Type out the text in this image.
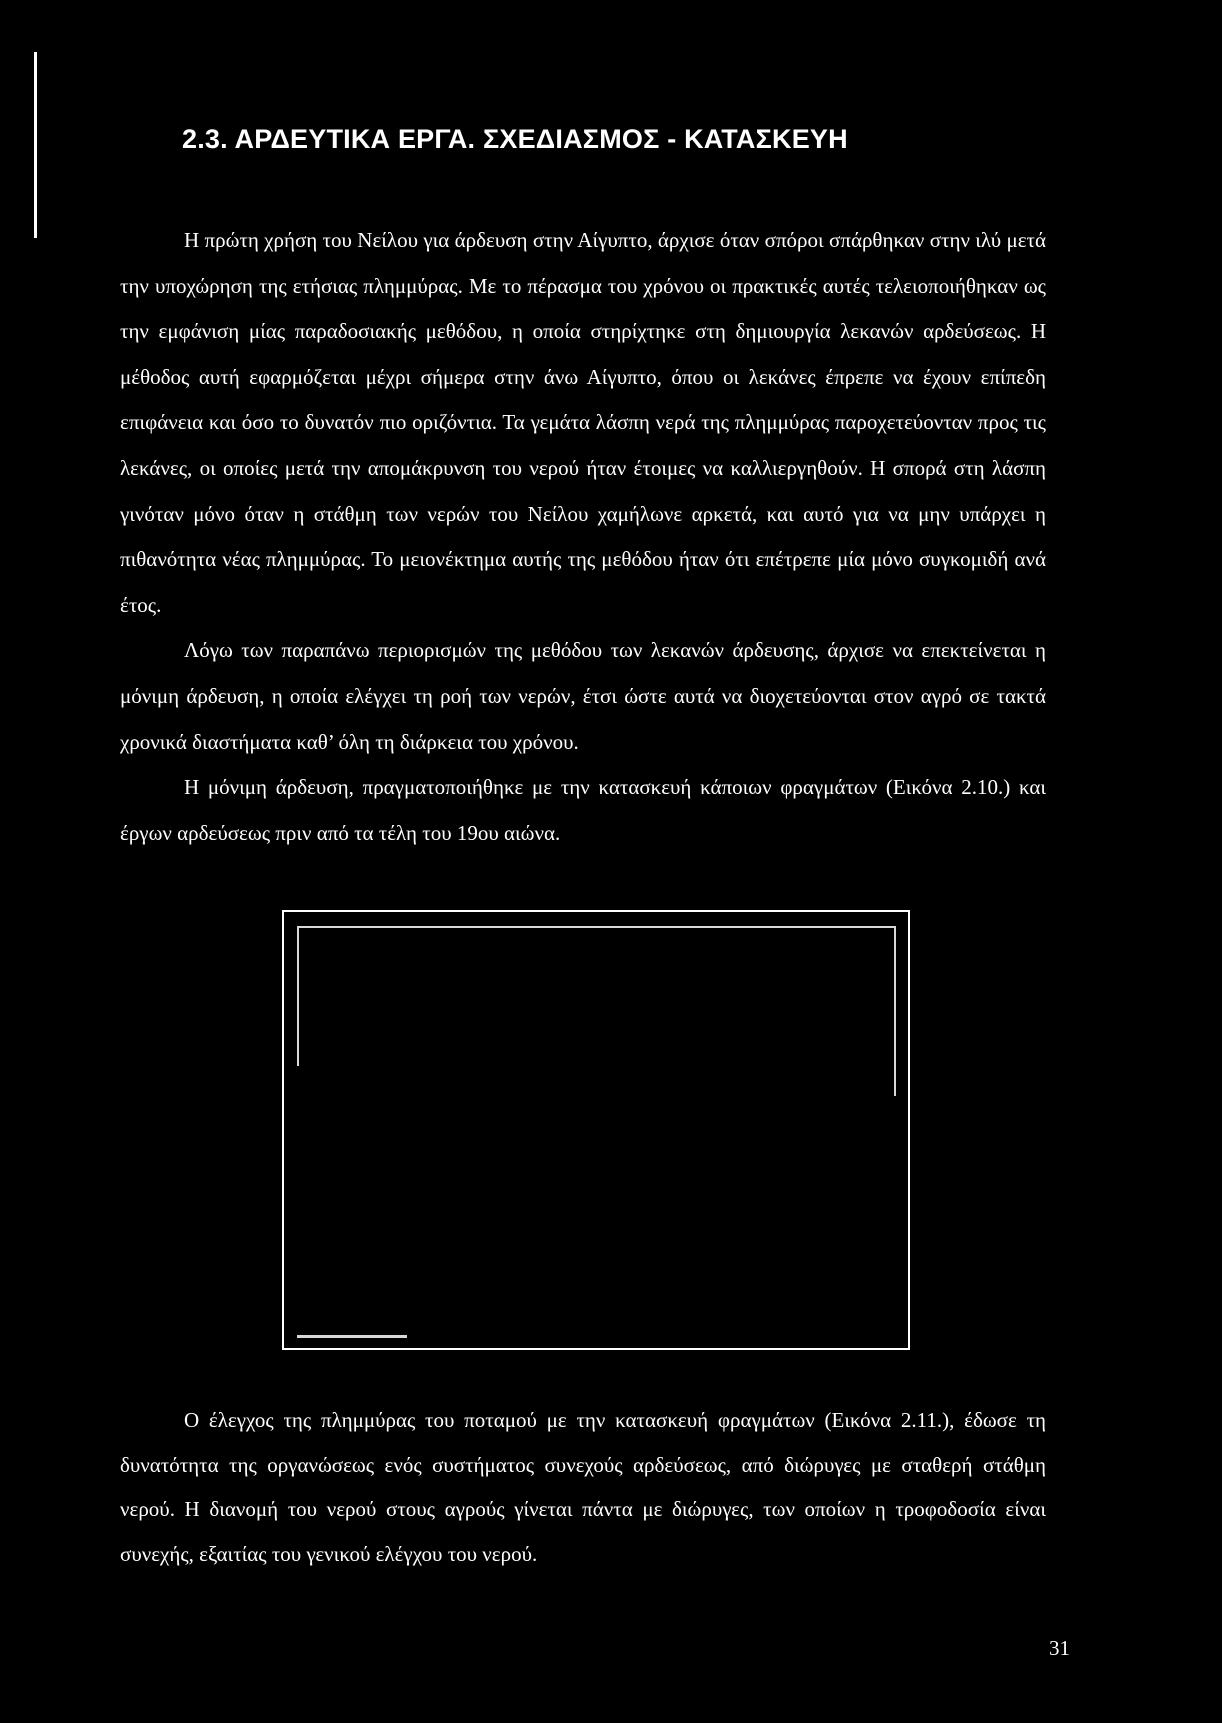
2.3. ΑΡΔΕΥΤΙΚΑ ΕΡΓΑ. ΣΧΕΔΙΑΣΜΟΣ - ΚΑΤΑΣΚΕΥΗ

Η πρώτη χρήση του Νείλου για άρδευση στην Αίγυπτο, άρχισε όταν σπόροι σπάρθηκαν στην ιλύ μετά την υποχώρηση της ετήσιας πλημμύρας. Με το πέρασμα του χρόνου οι πρακτικές αυτές τελειοποιήθηκαν ως την εμφάνιση μίας παραδοσιακής μεθόδου, η οποία στηρίχτηκε στη δημιουργία λεκανών αρδεύσεως. Η μέθοδος αυτή εφαρμόζεται μέχρι σήμερα στην άνω Αίγυπτο, όπου οι λεκάνες έπρεπε να έχουν επίπεδη επιφάνεια και όσο το δυνατόν πιο οριζόντια. Τα γεμάτα λάσπη νερά της πλημμύρας παροχετεύονταν προς τις λεκάνες, οι οποίες μετά την απομάκρυνση του νερού ήταν έτοιμες να καλλιεργηθούν. Η σπορά στη λάσπη γινόταν μόνο όταν η στάθμη των νερών του Νείλου χαμήλωνε αρκετά, και αυτό για να μην υπάρχει η πιθανότητα νέας πλημμύρας. Το μειονέκτημα αυτής της μεθόδου ήταν ότι επέτρεπε μία μόνο συγκομιδή ανά έτος.

Λόγω των παραπάνω περιορισμών της μεθόδου των λεκανών άρδευσης, άρχισε να επεκτείνεται η μόνιμη άρδευση, η οποία ελέγχει τη ροή των νερών, έτσι ώστε αυτά να διοχετεύονται στον αγρό σε τακτά χρονικά διαστήματα καθ’ όλη τη διάρκεια του χρόνου.

Η μόνιμη άρδευση, πραγματοποιήθηκε με την κατασκευή κάποιων φραγμάτων (Εικόνα 2.10.) και έργων αρδεύσεως πριν από τα τέλη του 19ου αιώνα.

Ο έλεγχος της πλημμύρας του ποταμού με την κατασκευή φραγμάτων (Εικόνα 2.11.), έδωσε τη δυνατότητα της οργανώσεως ενός συστήματος συνεχούς αρδεύσεως, από διώρυγες με σταθερή στάθμη νερού. Η διανομή του νερού στους αγρούς γίνεται πάντα με διώρυγες, των οποίων η τροφοδοσία είναι συνεχής, εξαιτίας του γενικού ελέγχου του νερού.

31
